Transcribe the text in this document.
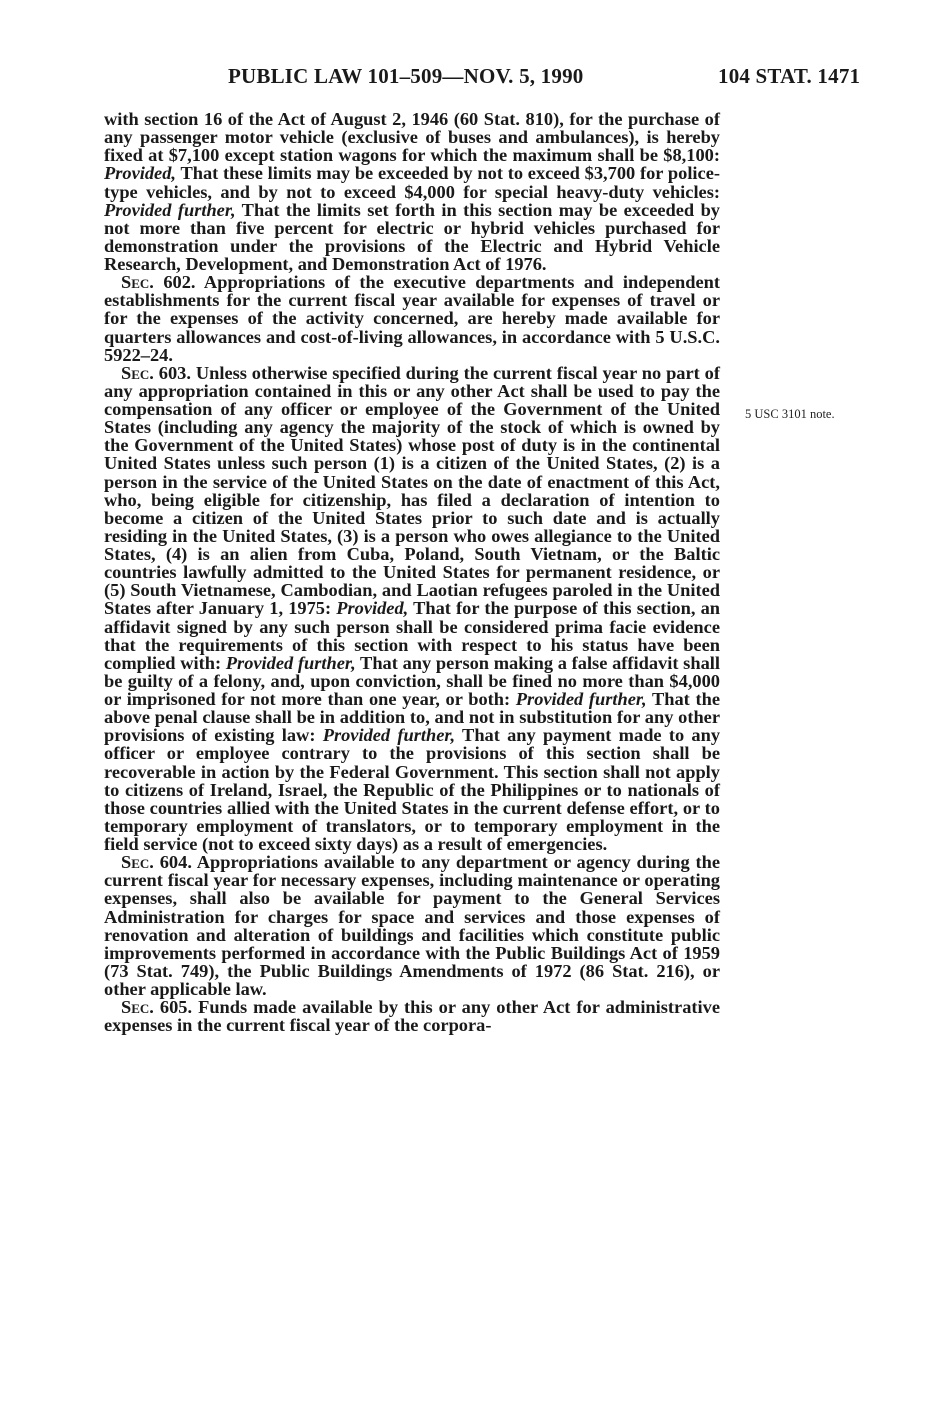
PUBLIC LAW 101–509—NOV. 5, 1990	104 STAT. 1471

with section 16 of the Act of August 2, 1946 (60 Stat. 810), for the purchase of any passenger motor vehicle (exclusive of buses and ambulances), is hereby fixed at $7,100 except station wagons for which the maximum shall be $8,100: Provided, That these limits may be exceeded by not to exceed $3,700 for police-type vehicles, and by not to exceed $4,000 for special heavy-duty vehicles: Provided further, That the limits set forth in this section may be exceeded by not more than five percent for electric or hybrid vehicles purchased for demonstration under the provisions of the Electric and Hybrid Vehicle Research, Development, and Demonstration Act of 1976.

Sec. 602. Appropriations of the executive departments and independent establishments for the current fiscal year available for expenses of travel or for the expenses of the activity concerned, are hereby made available for quarters allowances and cost-of-living allowances, in accordance with 5 U.S.C. 5922–24.

Sec. 603. Unless otherwise specified during the current fiscal year no part of any appropriation contained in this or any other Act shall be used to pay the compensation of any officer or employee of the Government of the United States (including any agency the majority of the stock of which is owned by the Government of the United States) whose post of duty is in the continental United States unless such person (1) is a citizen of the United States, (2) is a person in the service of the United States on the date of enactment of this Act, who, being eligible for citizenship, has filed a declaration of intention to become a citizen of the United States prior to such date and is actually residing in the United States, (3) is a person who owes allegiance to the United States, (4) is an alien from Cuba, Poland, South Vietnam, or the Baltic countries lawfully admitted to the United States for permanent residence, or (5) South Vietnamese, Cambodian, and Laotian refugees paroled in the United States after January 1, 1975: Provided, That for the purpose of this section, an affidavit signed by any such person shall be considered prima facie evidence that the requirements of this section with respect to his status have been complied with: Provided further, That any person making a false affidavit shall be guilty of a felony, and, upon conviction, shall be fined no more than $4,000 or imprisoned for not more than one year, or both: Provided further, That the above penal clause shall be in addition to, and not in substitution for any other provisions of existing law: Provided further, That any payment made to any officer or employee contrary to the provisions of this section shall be recoverable in action by the Federal Government. This section shall not apply to citizens of Ireland, Israel, the Republic of the Philippines or to nationals of those countries allied with the United States in the current defense effort, or to temporary employment of translators, or to temporary employment in the field service (not to exceed sixty days) as a result of emergencies.

Sec. 604. Appropriations available to any department or agency during the current fiscal year for necessary expenses, including maintenance or operating expenses, shall also be available for payment to the General Services Administration for charges for space and services and those expenses of renovation and alteration of buildings and facilities which constitute public improvements performed in accordance with the Public Buildings Act of 1959 (73 Stat. 749), the Public Buildings Amendments of 1972 (86 Stat. 216), or other applicable law.

Sec. 605. Funds made available by this or any other Act for administrative expenses in the current fiscal year of the corpora-

5 USC 3101 note.
